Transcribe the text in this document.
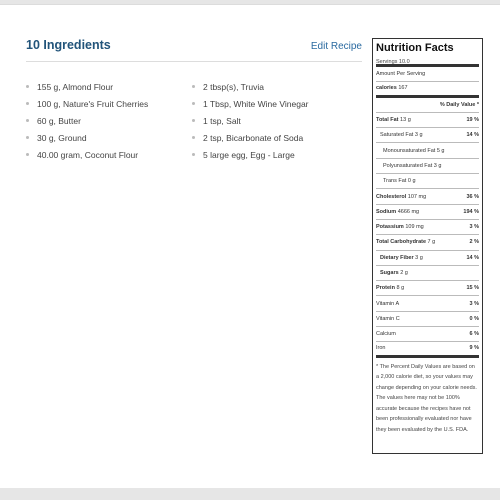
10 Ingredients	Edit Recipe
155 g, Almond Flour
100 g, Nature's Fruit Cherries
60 g, Butter
30 g, Ground
40.00 gram, Coconut Flour
2 tbsp(s), Truvia
1 Tbsp, White Wine Vinegar
1 tsp, Salt
2 tsp, Bicarbonate of Soda
5 large egg, Egg - Large
Nutrition Facts
Servings 10.0
Amount Per Serving
calories 167
% Daily Value *
Total Fat 13 g	19 %
Saturated Fat 3 g	14 %
Monounsaturated Fat 5 g
Polyunsaturated Fat 3 g
Trans Fat 0 g
Cholesterol 107 mg	36 %
Sodium 4666 mg	194 %
Potassium 109 mg	3 %
Total Carbohydrate 7 g	2 %
Dietary Fiber 3 g	14 %
Sugars 2 g
Protein 8 g	15 %
Vitamin A	3 %
Vitamin C	0 %
Calcium	6 %
Iron	9 %

* The Percent Daily Values are based on a 2,000 calorie diet, so your values may change depending on your calorie needs. The values here may not be 100% accurate because the recipes have not been professionally evaluated nor have they been evaluated by the U.S. FDA.
